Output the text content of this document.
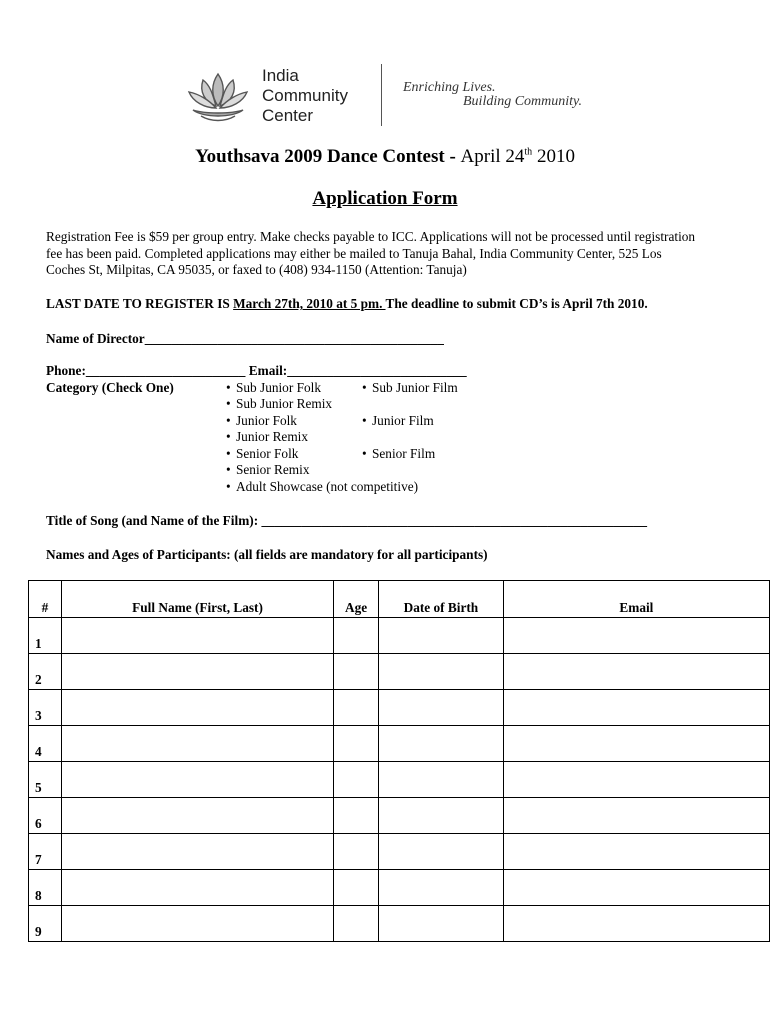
India
Community
Center
Enriching Lives.
Building Community.
Youthsava 2009 Dance Contest - April 24th 2010
Application Form
Registration Fee is $59 per group entry. Make checks payable to ICC. Applications will not be processed until registration
fee has been paid. Completed applications may either be mailed to Tanuja Bahal, India Community Center, 525 Los
Coches St, Milpitas, CA 95035, or faxed to (408) 934-1150 (Attention: Tanuja)
LAST DATE TO REGISTER IS March 27th, 2010 at 5 pm. The deadline to submit CD’s is April 7th 2010.
Name of Director_____________________________________________
Phone:________________________ Email:___________________________
Category (Check One)	• Sub Junior Folk
• Sub Junior Remix
• Junior Folk
• Junior Remix
• Senior Folk
• Senior Remix
• Adult Showcase (not competitive)
• Sub Junior Film
• Junior Film
• Senior Film
Title of Song (and Name of the Film): __________________________________________________________
Names and Ages of Participants: (all fields are mandatory for all participants)
#	Full Name (First, Last)	Age	Date of Birth	Email
1				
2				
3				
4				
5				
6				
7				
8				
9				
